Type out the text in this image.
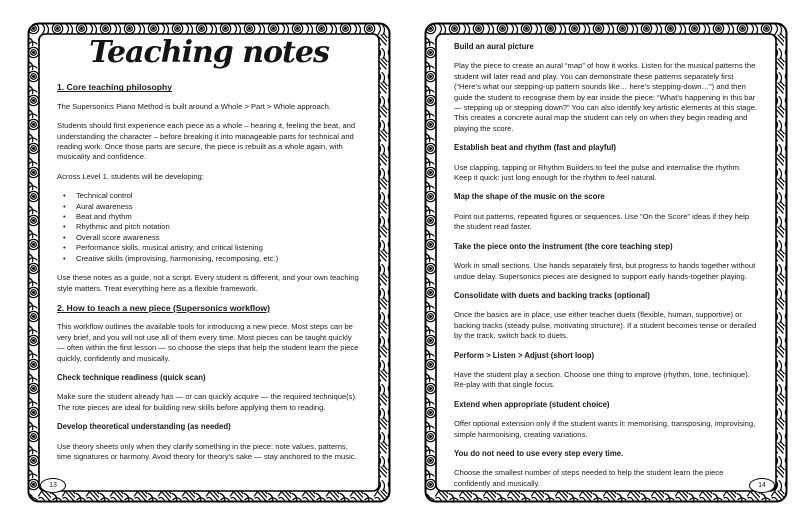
Teaching notes
1. Core teaching philosophy

The Supersonics Piano Method is built around a Whole > Part > Whole approach.

Students should first experience each piece as a whole – hearing it, feeling the beat, and understanding the character – before breaking it into manageable parts for technical and reading work. Once those parts are secure, the piece is rebuilt as a whole again, with musicality and confidence.

Across Level 1, students will be developing:

• Technical control
• Aural awareness
• Beat and rhythm
• Rhythmic and pitch notation
• Overall score awareness
• Performance skills, musical artistry, and critical listening
• Creative skills (improvising, harmonising, recomposing, etc.)

Use these notes as a guide, not a script. Every student is different, and your own teaching style matters. Treat everything here as a flexible framework.

2. How to teach a new piece (Supersonics workflow)

This workflow outlines the available tools for introducing a new piece. Most steps can be very brief, and you will not use all of them every time. Most pieces can be taught quickly — often within the first lesson — so choose the steps that help the student learn the piece quickly, confidently and musically.

Check technique readiness (quick scan)

Make sure the student already has — or can quickly acquire — the required technique(s). The rote pieces are ideal for building new skills before applying them to reading.

Develop theoretical understanding (as needed)

Use theory sheets only when they clarify something in the piece: note values, patterns, time signatures or harmony. Avoid theory for theory’s sake — stay anchored to the music.

13
Build an aural picture

Play the piece to create an aural “map” of how it works. Listen for the musical patterns the student will later read and play. You can demonstrate these patterns separately first (“Here’s what our stepping-up pattern sounds like… here’s stepping-down…”) and then guide the student to recognise them by ear inside the piece: “What’s happening in this bar — stepping up or stepping down?” You can also identify key artistic elements at this stage. This creates a concrete aural map the student can rely on when they begin reading and playing the score.

Establish beat and rhythm (fast and playful)

Use clapping, tapping or Rhythm Builders to feel the pulse and internalise the rhythm. Keep it quick: just long enough for the rhythm to feel natural.

Map the shape of the music on the score

Point out patterns, repeated figures or sequences. Use “On the Score” ideas if they help the student read faster.

Take the piece onto the instrument (the core teaching step)

Work in small sections. Use hands separately first, but progress to hands together without undue delay. Supersonics pieces are designed to support early hands-together playing.

Consolidate with duets and backing tracks (optional)

Once the basics are in place, use either teacher duets (flexible, human, supportive) or backing tracks (steady pulse, motivating structure). If a student becomes tense or derailed by the track, switch back to duets.

Perform > Listen > Adjust (short loop)

Have the student play a section. Choose one thing to improve (rhythm, tone, technique). Re-play with that single focus.

Extend when appropriate (student choice)

Offer optional extension only if the student wants it: memorising, transposing, improvising, simple harmonising, creating variations.

You do not need to use every step every time.

Choose the smallest number of steps needed to help the student learn the piece confidently and musically.	14
